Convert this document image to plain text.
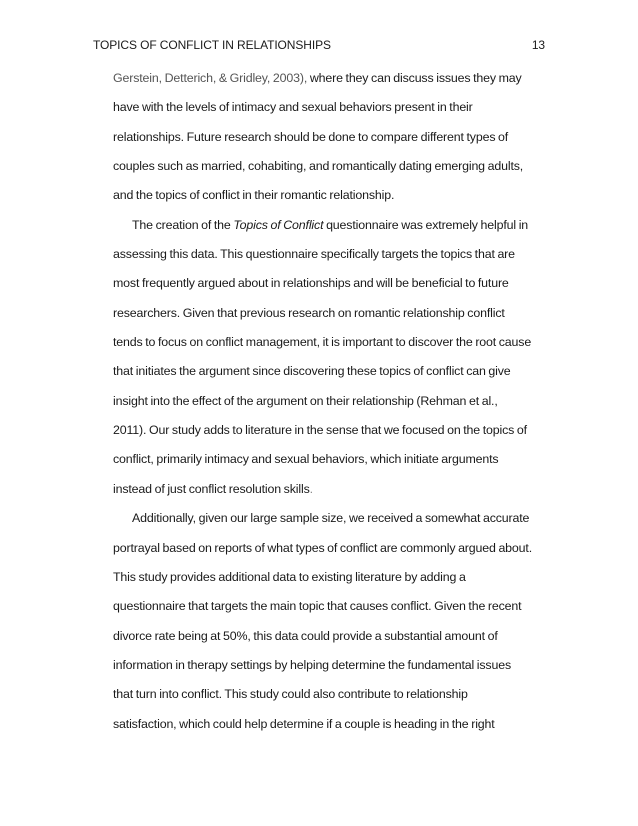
TOPICS OF CONFLICT IN RELATIONSHIPS	13
Gerstein, Detterich, & Gridley, 2003), where they can discuss issues they may
have with the levels of intimacy and sexual behaviors present in their
relationships. Future research should be done to compare different types of
couples such as married, cohabiting, and romantically dating emerging adults,
and the topics of conflict in their romantic relationship.
The creation of the Topics of Conflict questionnaire was extremely helpful in
assessing this data. This questionnaire specifically targets the topics that are
most frequently argued about in relationships and will be beneficial to future
researchers. Given that previous research on romantic relationship conflict
tends to focus on conflict management, it is important to discover the root cause
that initiates the argument since discovering these topics of conflict can give
insight into the effect of the argument on their relationship (Rehman et al.,
2011). Our study adds to literature in the sense that we focused on the topics of
conflict, primarily intimacy and sexual behaviors, which initiate arguments
instead of just conflict resolution skills.
Additionally, given our large sample size, we received a somewhat accurate
portrayal based on reports of what types of conflict are commonly argued about.
This study provides additional data to existing literature by adding a
questionnaire that targets the main topic that causes conflict. Given the recent
divorce rate being at 50%, this data could provide a substantial amount of
information in therapy settings by helping determine the fundamental issues
that turn into conflict. This study could also contribute to relationship
satisfaction, which could help determine if a couple is heading in the right
